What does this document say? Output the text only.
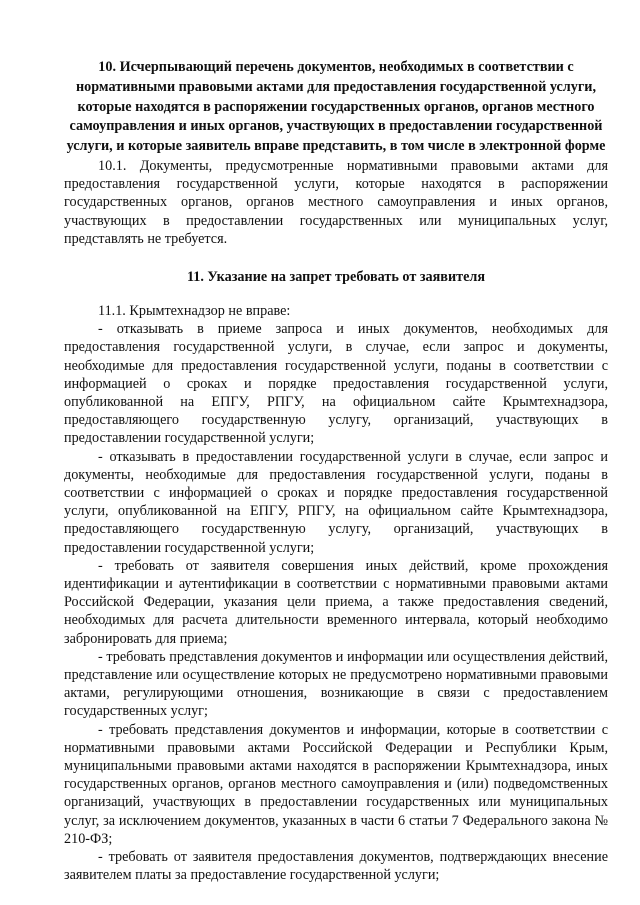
10. Исчерпывающий перечень документов, необходимых в соответствии с нормативными правовыми актами для предоставления государственной услуги, которые находятся в распоряжении государственных органов, органов местного самоуправления и иных органов, участвующих в предоставлении государственной услуги, и которые заявитель вправе представить, в том числе в электронной форме

10.1. Документы, предусмотренные нормативными правовыми актами для предоставления государственной услуги, которые находятся в распоряжении государственных органов, органов местного самоуправления и иных органов, участвующих в предоставлении государственных или муниципальных услуг, представлять не требуется.

11. Указание на запрет требовать от заявителя

11.1. Крымтехнадзор не вправе:

- отказывать в приеме запроса и иных документов, необходимых для предоставления государственной услуги, в случае, если запрос и документы, необходимые для предоставления государственной услуги, поданы в соответствии с информацией о сроках и порядке предоставления государственной услуги, опубликованной на ЕПГУ, РПГУ, на официальном сайте Крымтехнадзора, предоставляющего государственную услугу, организаций, участвующих в предоставлении государственной услуги;

- отказывать в предоставлении государственной услуги в случае, если запрос и документы, необходимые для предоставления государственной услуги, поданы в соответствии с информацией о сроках и порядке предоставления государственной услуги, опубликованной на ЕПГУ, РПГУ, на официальном сайте Крымтехнадзора, предоставляющего государственную услугу, организаций, участвующих в предоставлении государственной услуги;

- требовать от заявителя совершения иных действий, кроме прохождения идентификации и аутентификации в соответствии с нормативными правовыми актами Российской Федерации, указания цели приема, а также предоставления сведений, необходимых для расчета длительности временного интервала, который необходимо забронировать для приема;

- требовать представления документов и информации или осуществления действий, представление или осуществление которых не предусмотрено нормативными правовыми актами, регулирующими отношения, возникающие в связи с предоставлением государственных услуг;

- требовать представления документов и информации, которые в соответствии с нормативными правовыми актами Российской Федерации и Республики Крым, муниципальными правовыми актами находятся в распоряжении Крымтехнадзора, иных государственных органов, органов местного самоуправления и (или) подведомственных организаций, участвующих в предоставлении государственных или муниципальных услуг, за исключением документов, указанных в части 6 статьи 7 Федерального закона № 210-ФЗ;

- требовать от заявителя предоставления документов, подтверждающих внесение заявителем платы за предоставление государственной услуги;
